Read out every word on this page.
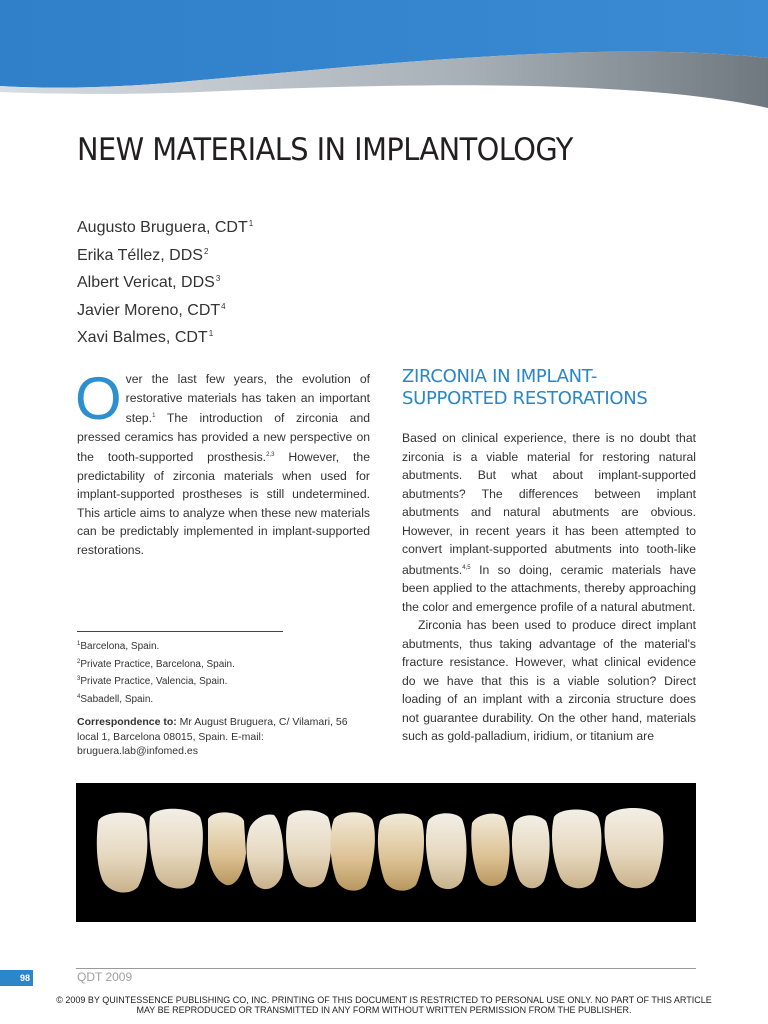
NEW MATERIALS IN IMPLANTOLOGY
Augusto Bruguera, CDT$^1$
Erika Téllez, DDS$^2$
Albert Vericat, DDS$^3$
Javier Moreno, CDT$^4$
Xavi Balmes, CDT$^1$
O ver the last few years, the evolution of restorative materials has taken an important step.$^1$ The introduction of zirconia and pressed ceramics has provided a new perspective on the tooth-supported prosthesis.$^{2,3}$ However, the predictability of zirconia materials when used for implant-supported prostheses is still undetermined. This article aims to analyze when these new materials can be predictably implemented in implant-supported restorations.

$^1$Barcelona, Spain.
$^2$Private Practice, Barcelona, Spain.
$^3$Private Practice, Valencia, Spain.
$^4$Sabadell, Spain.

Correspondence to: Mr August Bruguera, C/ Vilamari, 56 local 1, Barcelona 08015, Spain. E-mail: bruguera.lab@infomed.es

ZIRCONIA IN IMPLANT-SUPPORTED RESTORATIONS

Based on clinical experience, there is no doubt that zirconia is a viable material for restoring natural abutments. But what about implant-supported abutments? The differences between implant abutments and natural abutments are obvious. However, in recent years it has been attempted to convert implant-supported abutments into tooth-like abutments.$^{4,5}$ In so doing, ceramic materials have been applied to the attachments, thereby approaching the color and emergence profile of a natural abutment.

Zirconia has been used to produce direct implant abutments, thus taking advantage of the material's fracture resistance. However, what clinical evidence do we have that this is a viable solution? Direct loading of an implant with a zirconia structure does not guarantee durability. On the other hand, materials such as gold-palladium, iridium, or titanium are

98	QDT 2009
© 2009 BY QUINTESSENCE PUBLISHING CO, INC. PRINTING OF THIS DOCUMENT IS RESTRICTED TO PERSONAL USE ONLY. NO PART OF THIS ARTICLE
MAY BE REPRODUCED OR TRANSMITTED IN ANY FORM WITHOUT WRITTEN PERMISSION FROM THE PUBLISHER.
